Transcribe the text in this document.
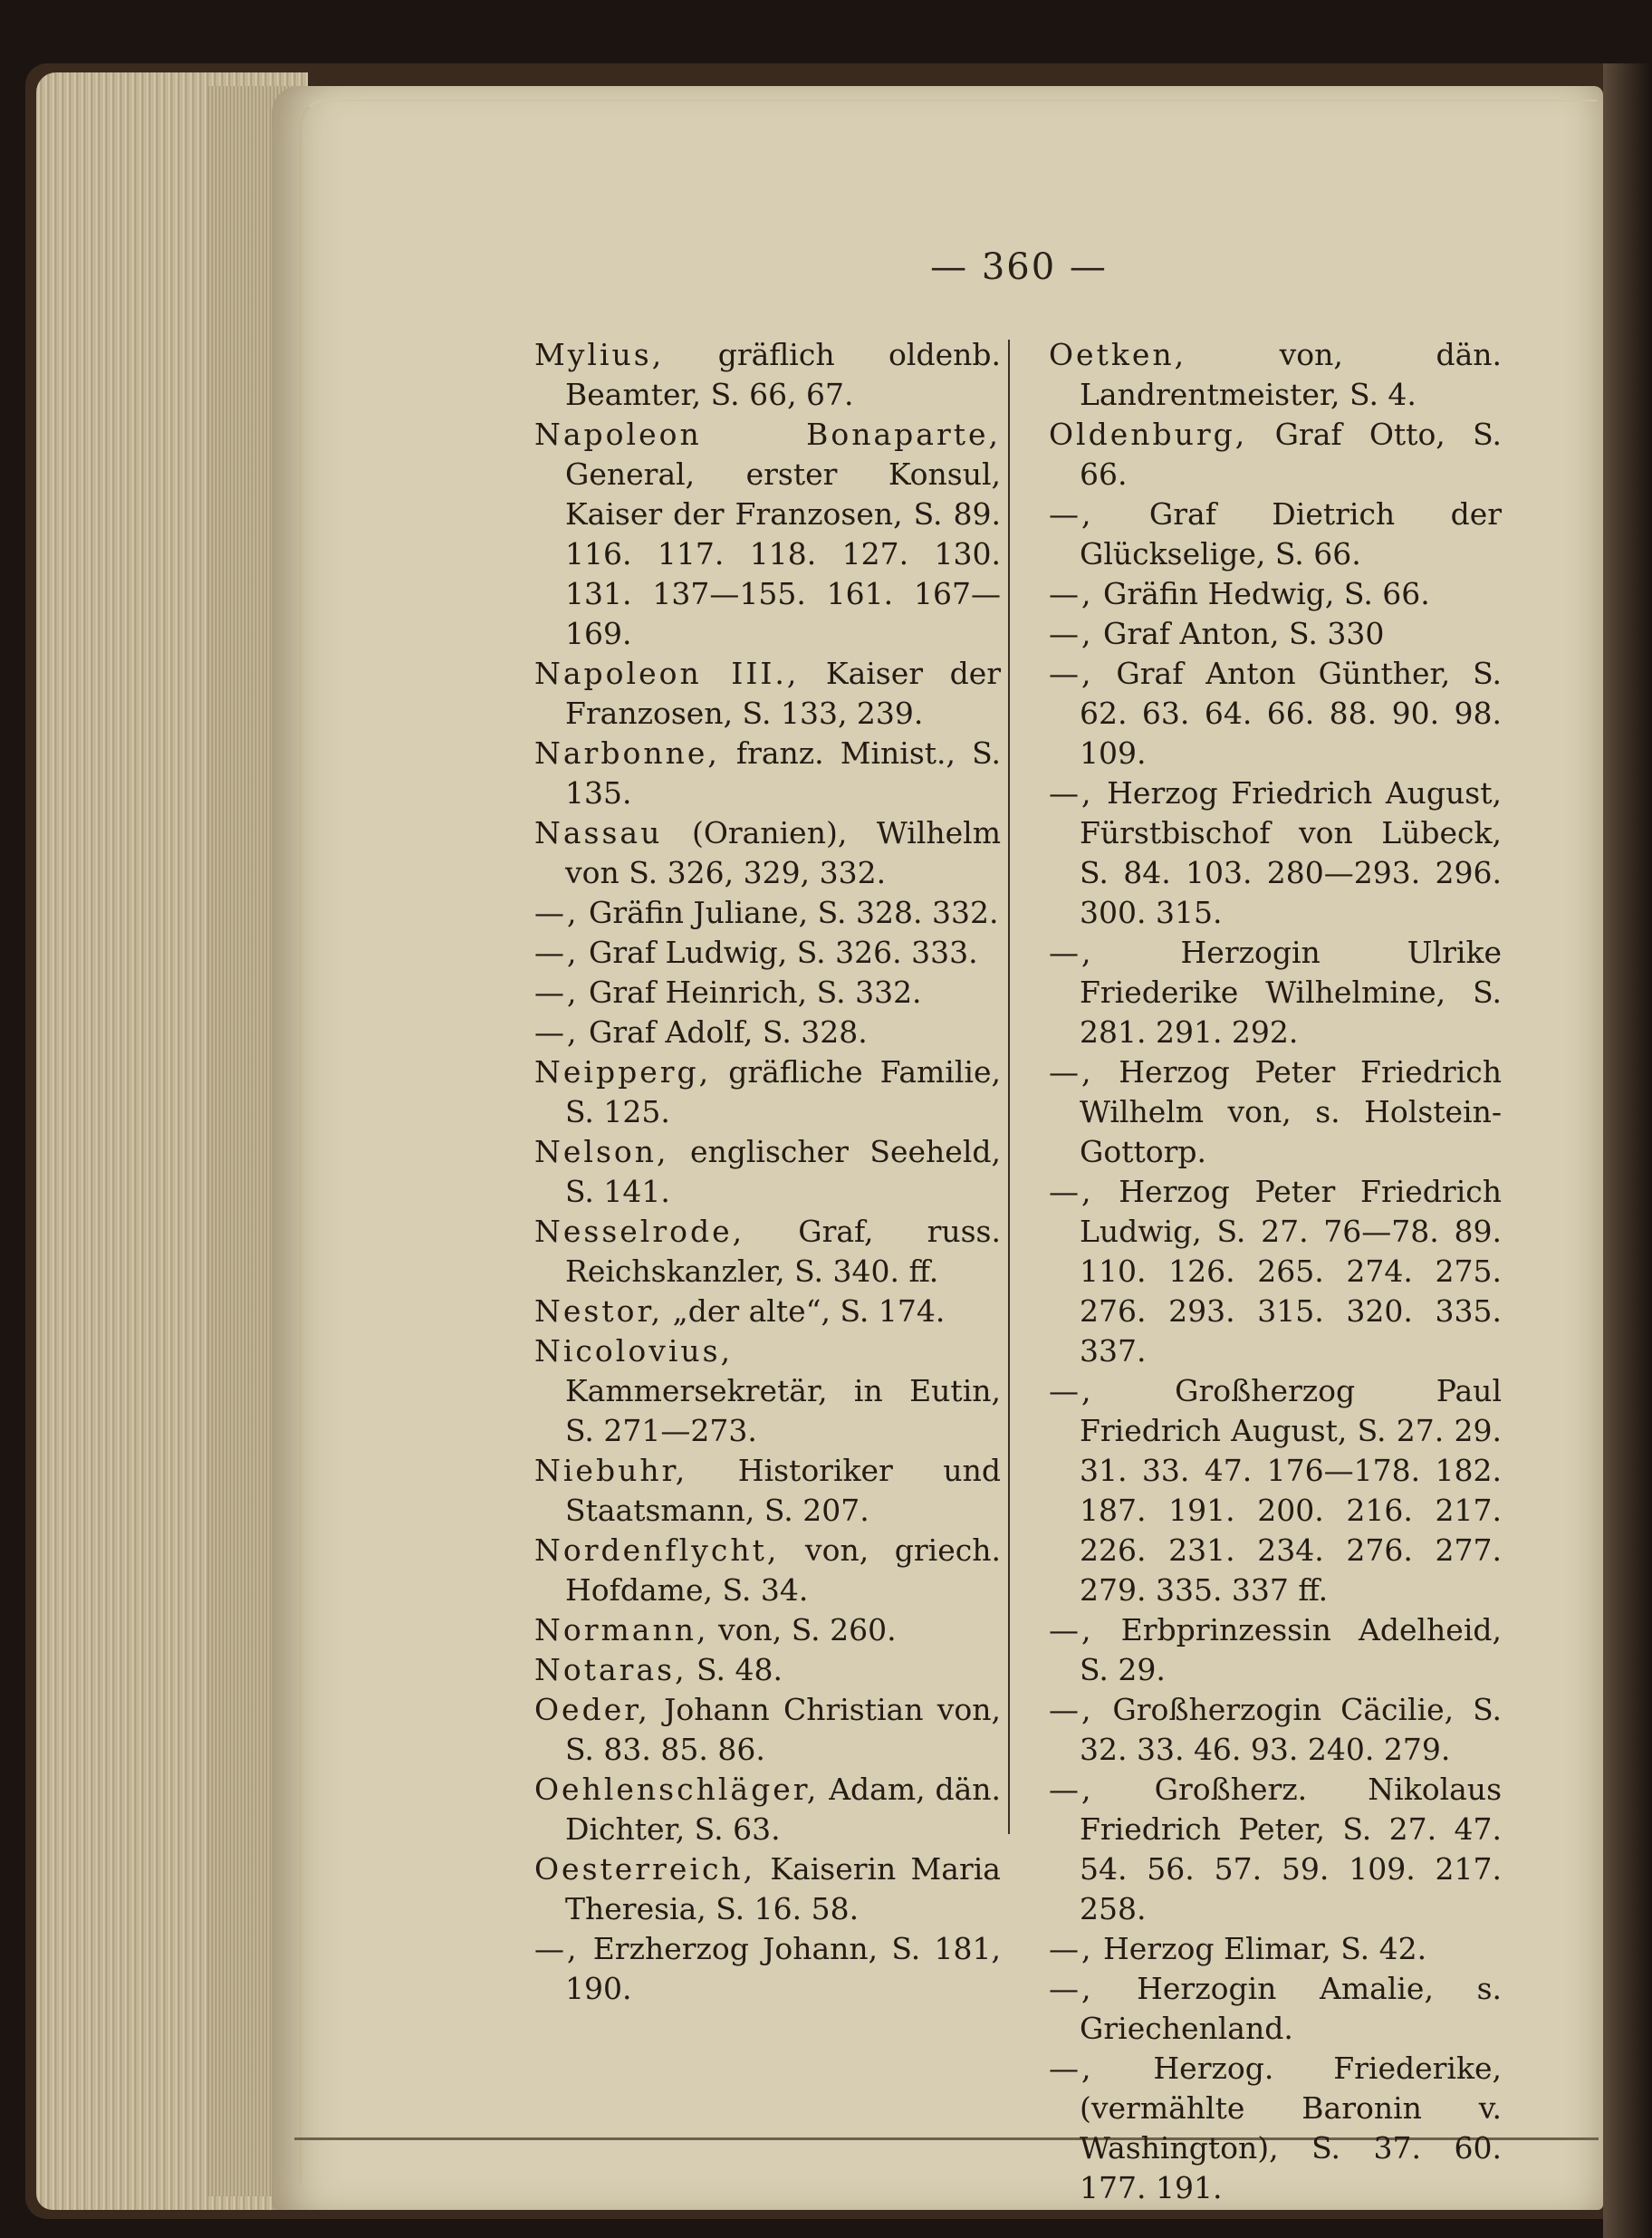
— 360 —

Mylius, gräflich oldenb. Beamter, S. 66, 67.

Napoleon Bonaparte, General, erster Konsul, Kaiser der Franzosen, S. 89. 116. 117. 118. 127. 130. 131. 137—155. 161. 167—169.

Napoleon III., Kaiser der Franzosen, S. 133, 239.

Narbonne, franz. Minist., S. 135.

Nassau (Oranien), Wilhelm von S. 326, 329, 332.

—, Gräfin Juliane, S. 328. 332.

—, Graf Ludwig, S. 326. 333.

—, Graf Heinrich, S. 332.

—, Graf Adolf, S. 328.

Neipperg, gräfliche Familie, S. 125.

Nelson, englischer Seeheld, S. 141.

Nesselrode, Graf, russ. Reichskanzler, S. 340. ff.

Nestor, „der alte“, S. 174.

Nicolovius, Kammersekretär, in Eutin, S. 271—273.

Niebuhr, Historiker und Staatsmann, S. 207.

Nordenflycht, von, griech. Hofdame, S. 34.

Normann, von, S. 260.

Notaras, S. 48.

Oeder, Johann Christian von, S. 83. 85. 86.

Oehlenschläger, Adam, dän. Dichter, S. 63.

Oesterreich, Kaiserin Maria Theresia, S. 16. 58.

—, Erzherzog Johann, S. 181, 190.

Oetken, von, dän. Landrentmeister, S. 4.

Oldenburg, Graf Otto, S. 66.

—, Graf Dietrich der Glückselige, S. 66.

—, Gräfin Hedwig, S. 66.

—, Graf Anton, S. 330

—, Graf Anton Günther, S. 62. 63. 64. 66. 88. 90. 98. 109.

—, Herzog Friedrich August, Fürstbischof von Lübeck, S. 84. 103. 280—293. 296. 300. 315.

—, Herzogin Ulrike Friederike Wilhelmine, S. 281. 291. 292.

—, Herzog Peter Friedrich Wilhelm von, s. Holstein-Gottorp.

—, Herzog Peter Friedrich Ludwig, S. 27. 76—78. 89. 110. 126. 265. 274. 275. 276. 293. 315. 320. 335. 337.

—, Großherzog Paul Friedrich August, S. 27. 29. 31. 33. 47. 176—178. 182. 187. 191. 200. 216. 217. 226. 231. 234. 276. 277. 279. 335. 337 ff.

—, Erbprinzessin Adelheid, S. 29.

—, Großherzogin Cäcilie, S. 32. 33. 46. 93. 240. 279.

—, Großherz. Nikolaus Friedrich Peter, S. 27. 47. 54. 56. 57. 59. 109. 217. 258.

—, Herzog Elimar, S. 42.

—, Herzogin Amalie, s. Griechenland.

—, Herzog. Friederike, (vermählte Baronin v. Washington), S. 37. 60. 177. 191.
